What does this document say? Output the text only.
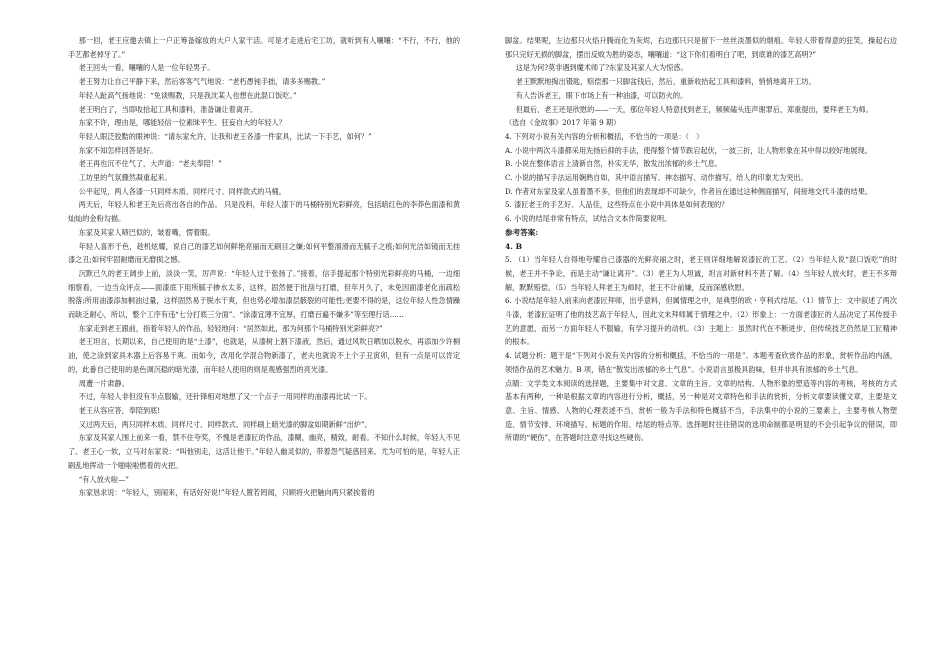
那一回，老王应邀去镇上一户正筹备嫁妆的大户人家干活。可是才走进后宅工坊，就听到有人嚷嚷：“不行，不行，他的手艺都老掉牙了。”

老王回头一看，嚷嚷的人是一位年轻男子。

老王努力让自己平静下来，然后客客气气地说：“老朽愚钝手拙，请多多赐教。”

年轻人趾高气扬地说：“免谈赐教，只是我沈某人也想在此混口饭吃。”

老王明白了，当即收拾起工具和漆料，准备谦让着离开。

东家不许，理由是，哪能轻信一位素昧平生、狂妄自大的年轻人？

年轻人眼泛狡黠的眼神说：“请东家允许，让我和老王各漆一件家具，比试一下手艺，如何？”

东家不知怎样回答是好。

老王再也沉不住气了，大声道：“老夫奉陪！”

工坊里的气氛骤然凝重起来。

公平起见，两人各漆一只同样木质、同样尺寸、同样款式的马桶。

两天后，年轻人和老王先后亮出各自的作品。 只是没料，年轻人漆下的马桶特别光彩鲜亮，包括暗红色的李莽色面漆和黄灿灿的金粉勾描。

东家及其家人啧巴似的，皱着嘴，愣着眼。

年轻人喜形于色，趁机炫耀，说自己的漆艺如何鲜艳亮丽而无刷目之嫌;如何平整溜滑而无腻子之痕;如何光洁如镜而无挂漆之丑;如何牢固耐磨而无磨损之憾。

沉默已久的老王阔步上前，淡淡一笑，厉声说：“年轻人过于张扬了。”接着，信手提起那个特别光彩鲜亮的马桶，一边细细察看，一边当众评点——面漆底下用所腻子掺水太多，这样，固然便于批刮与打磨，但年月久了，未免因面漆老化而疏松脱落;所用油漆添加桐油过量，这样固然易于脱水干爽，但也势必增加漆层骸裂的可能性;更要不得的是，这位年轻人性急情躁而缺乏耐心，所以，整个工序有违“七分打底三分面”、“涂漆宜薄不宜厚，打磨百遍不嫌多”等至理行话……

东家走到老王跟前，指着年轻人的作品，轻轻地问：“居然如此，那为何那个马桶特别光彩鲜亮?”

老王坦言，长期以来，自己使用的是“土漆”，也就是，从漆树上割下漆液，然后，通过风吹日晒加以脱水，再添加少许桐油，使之涂到家具木器上后容易干爽。而如今，改用化学混合物新漆了，老夫也就说不上个子丑寅卯，但有一点是可以肯定的，此番自己使用的是色调沉稳的暗光漆，而年轻人使用的则是观感强烈的亮光漆。

周遭一片肃静。

不过，年轻人非但没有半点服输，还针锋相对地想了又一个点子一用同样的油漆再比试一下。

老王从容应答，奉陪到底!

又过两天后，两只同样木质、同样尺寸、同样款式、同样刷上暗光漆的脚盆如期新鲜“出炉”。

东家及其家人围上前来一看，禁不住夸奖，不愧是老漆匠的作品，漆糊，幽亮，精致，耐看。不知什么时候，年轻人不见了。老王心一软，立马对东家说：“叫他别走，这活让他干。”年轻人幽灵似的，带着怨气疑惑回来。尤为可怕的是，年轻人正刷乱地挥动一个啪啦啦燃着的火把。

“有人放火啦—”

东家恳求说：“年轻人，别闹来，有话好好说!”年轻人置若罔闻，只顾将火把触向两只紧挨着的

脚盆。结果呢，左边那只火焰升腾而化为灰烬，右边那只只是留下一丝丝淡墨似的烟痕。年轻人带着得意的狂笑，操起右边那只完好无损的脚盆，摆出反败为胜的姿态，嚷嚷道：“这下你们看明白了吧，到底谁的漆艺高明?”

这是为何?莫非遇到魔术师了?东家及其家人大为惊惑。

老王默默地掏出镊匙，赔偿那一只脚盆钱后，然后，重新收拾起工具和漆料，悄悄地离开工坊。

有人告诉老王，眼下市场上有一种油漆，可以防火的。

但最后，老王还是欣慰的——一天，那位年轻人特意找到老王，频频磕头连声谢罪后，郑重提出，要拜老王为师。

（选自《金故事》2017 年第 9 期）

4. 下列对小说有关内容的分析和概括，不恰当的一项是：（　）

A. 小说中两次斗漆都采用先扬后抑的手法，使得整个情节跌宕起伏，一波三折，让人物形象在其中得以较好地展现。

B. 小说在整体语言上清新自然，朴实无华，散发出浓郁的乡土气息。

C. 小说的描写手法运用娴熟自如，其中语言描写、神态描写、动作描写，给人的印象尤为突出。

D. 作者对东家及家人虽着墨不多，但他们的表现却不可缺少，作者旨在通过这种侧面描写，间接地交代斗漆的结果。

5. 漆匠老王的手艺好、人品佳，这些特点在小说中具体是如何表现的？

6. 小说的结尾非常有特点，试结合文本作简要说明。

参考答案:

4. B

5. （1）当年轻人自得地夸耀自己漆器的光鲜亮丽之时，老王则详细地解说漆匠的工艺。（2）当年轻人说“混口饭吃”的时候，老王并不争论，而是主动“谦让离开”。（3）老王为人坦诚，坦言对新材料不甚了解。（4）当年轻人放火时，老王不多辩解，默默赔偿。（5）当年轻人拜老王为师时，老王不计前嫌，反而深感欣慰。

6. 小说结尾年轻人前来向老漆匠拜师，出乎意料，但属情理之中，是典型的欧・亨利式结尾。（1）情节上：文中叙述了两次斗漆，老漆匠证明了他的技艺高于年轻人，因此文末拜师属于情理之中。（2）形象上：一方面老漆匠的人品决定了其传授手艺的意愿，而另一方面年轻人不服输，有学习提升的动机。（3）主题上：虽然时代在不断进步，但传统技艺仍然是工匠精神的根本。

4. 试题分析：题干是“下列对小说有关内容的分析和概括，不恰当的一项是”。本题考查欣赏作品的形象，赏析作品的内涵，领悟作品的艺术魅力。B 项，错在“散发出浓郁的乡土气息”。小说语言虽极具韵味，但并非具有浓郁的乡土气息。

点睛：文学类文本阅读的选择题，主要集中对文意、文章的主旨、文章的结构、人物形象的塑造等内容的考核，考核的方式基本有两种，一种是根据文章的内容进行分析，概括，另一种是对文章特色和手法的赏析，分析文章要读懂文章，主要是文意、主旨、情感、人物的心理表述不当，赏析一般为手法和特色概括不当，手法集中的小说的三要素上，主要考核人物塑造、情节安排、环境描写、标题的作用、结尾的特点等。选择题时往往错误的选项命制都是明显的不会引起争议的错误，即所谓的“硬伤”，在答题时注意寻找这些硬伤。
